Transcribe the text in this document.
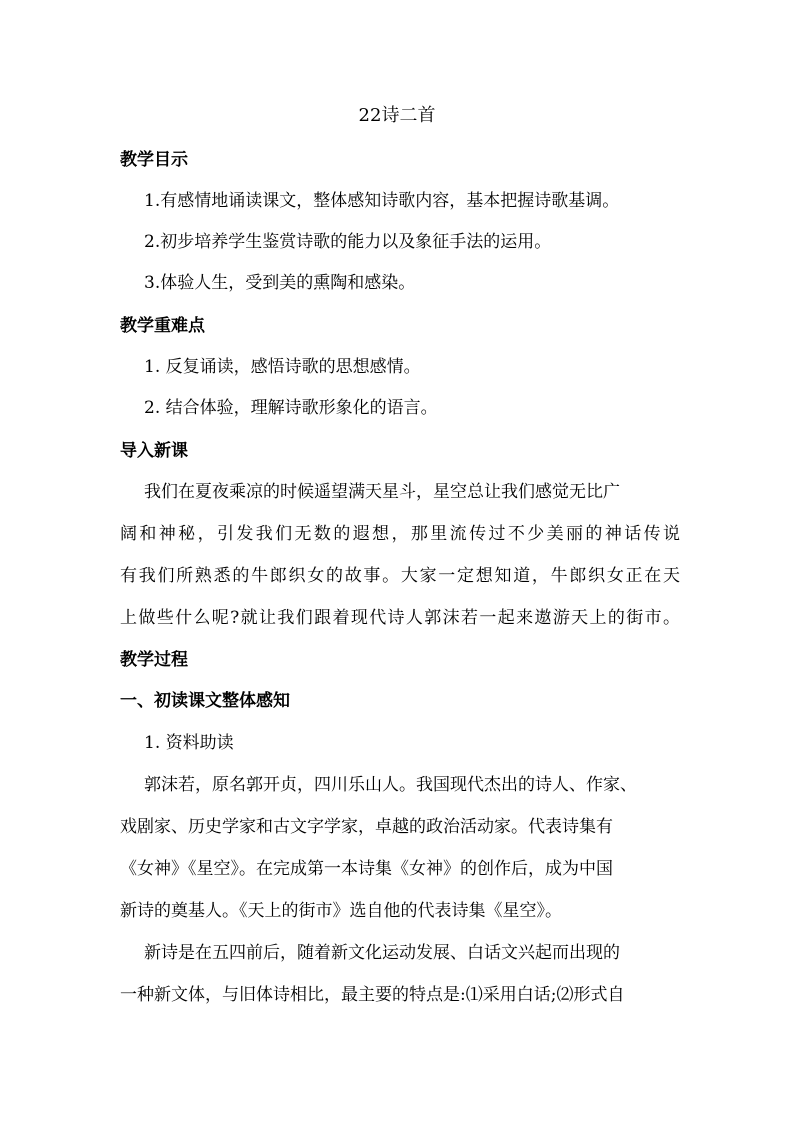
22诗二首
教学目示
1.有感情地诵读课文，整体感知诗歌内容，基本把握诗歌基调。
2.初步培养学生鉴赏诗歌的能力以及象征手法的运用。
3.体验人生，受到美的熏陶和感染。
教学重难点
1. 反复诵读，感悟诗歌的思想感情。
2. 结合体验，理解诗歌形象化的语言。
导入新课
我们在夏夜乘凉的时候遥望满天星斗，星空总让我们感觉无比广
阔和神秘，引发我们无数的遐想，那里流传过不少美丽的神话传说
有我们所熟悉的牛郎织女的故事。大家一定想知道，牛郎织女正在天
上做些什么呢?就让我们跟着现代诗人郭沫若一起来遨游天上的街市。
教学过程
一、初读课文整体感知
1. 资料助读
郭沫若，原名郭开贞，四川乐山人。我国现代杰出的诗人、作家、
戏剧家、历史学家和古文字学家，卓越的政治活动家。代表诗集有
《女神》《星空》。在完成第一本诗集《女神》的创作后，成为中国
新诗的奠基人。《天上的街市》选自他的代表诗集《星空》。
新诗是在五四前后，随着新文化运动发展、白话文兴起而出现的
一种新文体，与旧体诗相比，最主要的特点是:⑴采用白话;⑵形式自
